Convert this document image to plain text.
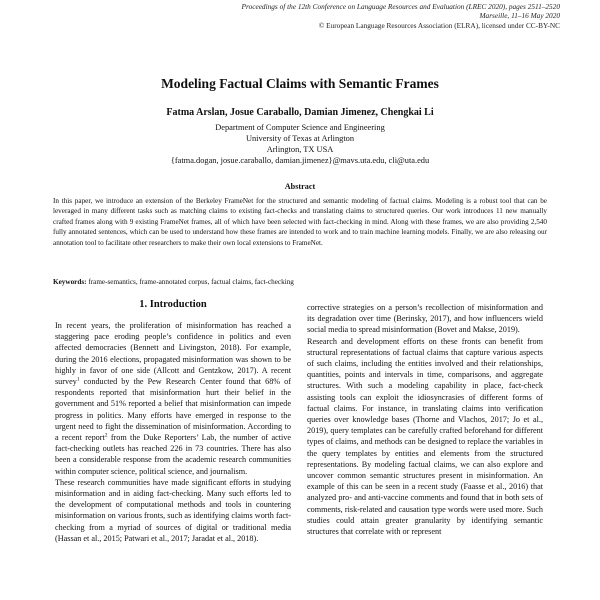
Proceedings of the 12th Conference on Language Resources and Evaluation (LREC 2020), pages 2511–2520
Marseille, 11–16 May 2020
© European Language Resources Association (ELRA), licensed under CC-BY-NC
Modeling Factual Claims with Semantic Frames
Fatma Arslan, Josue Caraballo, Damian Jimenez, Chengkai Li
Department of Computer Science and Engineering
University of Texas at Arlington
Arlington, TX USA
{fatma.dogan, josue.caraballo, damian.jimenez}@mavs.uta.edu, cli@uta.edu
Abstract

In this paper, we introduce an extension of the Berkeley FrameNet for the structured and semantic modeling of factual claims. Modeling is a robust tool that can be leveraged in many different tasks such as matching claims to existing fact-checks and translating claims to structured queries. Our work introduces 11 new manually crafted frames along with 9 existing FrameNet frames, all of which have been selected with fact-checking in mind. Along with these frames, we are also providing 2,540 fully annotated sentences, which can be used to understand how these frames are intended to work and to train machine learning models. Finally, we are also releasing our annotation tool to facilitate other researchers to make their own local extensions to FrameNet.

Keywords: frame-semantics, frame-annotated corpus, factual claims, fact-checking

1. Introduction

In recent years, the proliferation of misinformation has reached a staggering pace eroding people’s confidence in politics and even affected democracies (Bennett and Livingston, 2018). For example, during the 2016 elections, propagated misinformation was shown to be highly in favor of one side (Allcott and Gentzkow, 2017). A recent survey$^1$ conducted by the Pew Research Center found that 68% of respondents reported that misinformation hurt their belief in the government and 51% reported a belief that misinformation can impede progress in politics. Many efforts have emerged in response to the urgent need to fight the dissemination of misinformation. According to a recent report$^2$ from the Duke Reporters’ Lab, the number of active fact-checking outlets has reached 226 in 73 countries. There has also been a considerable response from the academic research communities within computer science, political science, and journalism.

These research communities have made significant efforts in studying misinformation and in aiding fact-checking. Many such efforts led to the development of computational methods and tools in countering misinformation on various fronts, such as identifying claims worth fact-checking from a myriad of sources of digital or traditional media (Hassan et al., 2015; Patwari et al., 2017; Jaradat et al., 2018).

corrective strategies on a person’s recollection of misinformation and its degradation over time (Berinsky, 2017), and how influencers wield social media to spread misinformation (Bovet and Makse, 2019).

Research and development efforts on these fronts can benefit from structural representations of factual claims that capture various aspects of such claims, including the entities involved and their relationships, quantities, points and intervals in time, comparisons, and aggregate structures. With such a modeling capability in place, fact-check assisting tools can exploit the idiosyncrasies of different forms of factual claims. For instance, in translating claims into verification queries over knowledge bases (Thorne and Vlachos, 2017; Jo et al., 2019), query templates can be carefully crafted beforehand for different types of claims, and methods can be designed to replace the variables in the query templates by entities and elements from the structured representations. By modeling factual claims, we can also explore and uncover common semantic structures present in misinformation. An example of this can be seen in a recent study (Faasse et al., 2016) that analyzed pro- and anti-vaccine comments and found that in both sets of comments, risk-related and causation type words were used more. Such studies could attain greater granularity by identifying semantic structures that correlate with or represent
